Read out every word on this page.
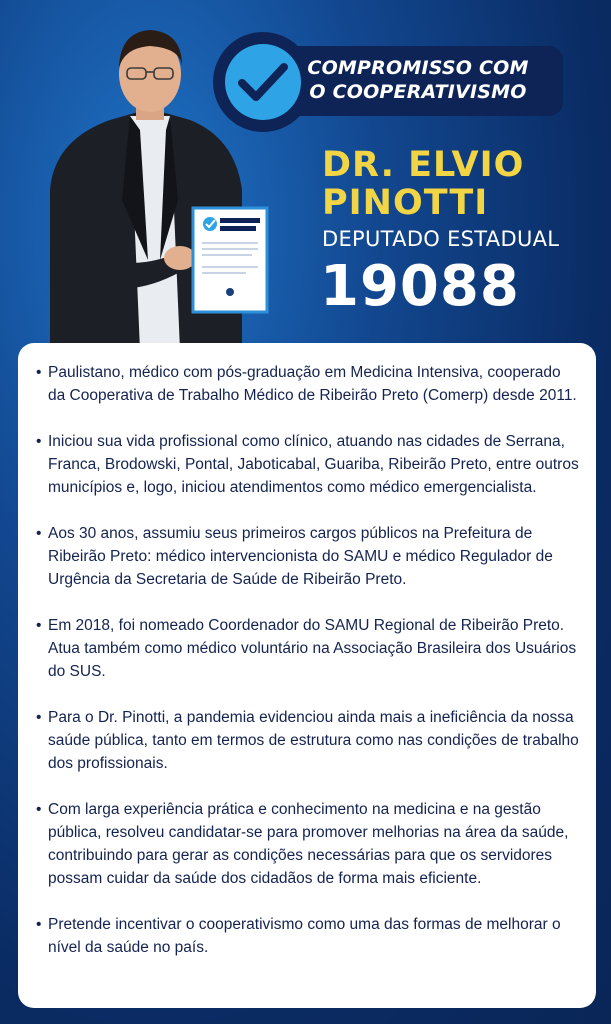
COMPROMISSO COM
O COOPERATIVISMO
DR. ELVIO
PINOTTI
DEPUTADO ESTADUAL
19088
• Paulistano, médico com pós-graduação em Medicina Intensiva, cooperado da Cooperativa de Trabalho Médico de Ribeirão Preto (Comerp) desde 2011.
• Iniciou sua vida profissional como clínico, atuando nas cidades de Serrana, Franca, Brodowski, Pontal, Jaboticabal, Guariba, Ribeirão Preto, entre outros municípios e, logo, iniciou atendimentos como médico emergencialista.
• Aos 30 anos, assumiu seus primeiros cargos públicos na Prefeitura de Ribeirão Preto: médico intervencionista do SAMU e médico Regulador de Urgência da Secretaria de Saúde de Ribeirão Preto.
• Em 2018, foi nomeado Coordenador do SAMU Regional de Ribeirão Preto. Atua também como médico voluntário na Associação Brasileira dos Usuários do SUS.
• Para o Dr. Pinotti, a pandemia evidenciou ainda mais a ineficiência da nossa saúde pública, tanto em termos de estrutura como nas condições de trabalho dos profissionais.
• Com larga experiência prática e conhecimento na medicina e na gestão pública, resolveu candidatar-se para promover melhorias na área da saúde, contribuindo para gerar as condições necessárias para que os servidores possam cuidar da saúde dos cidadãos de forma mais eficiente.
• Pretende incentivar o cooperativismo como uma das formas de melhorar o nível da saúde no país.
